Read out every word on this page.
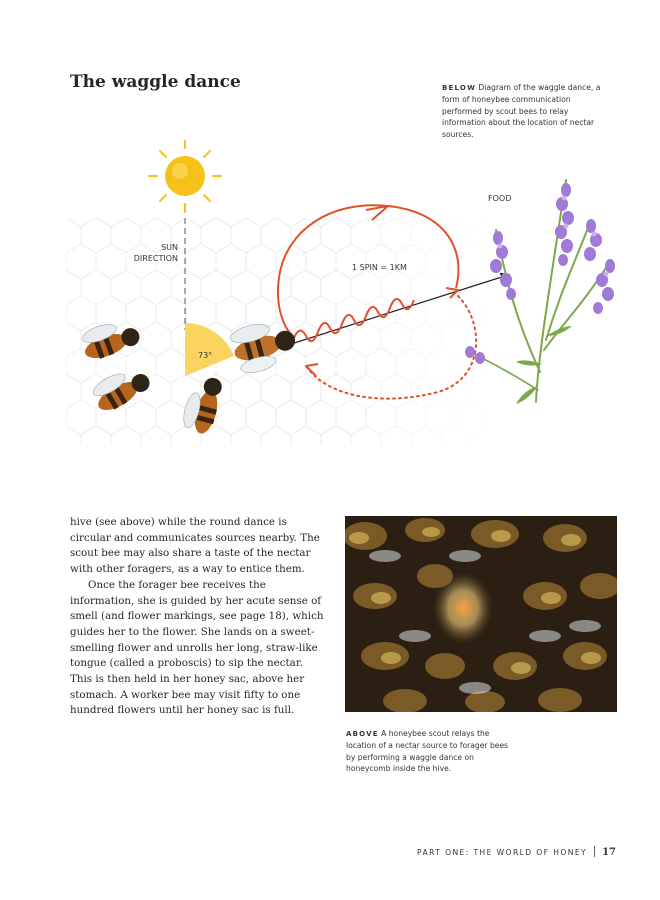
The waggle dance	BELOW Diagram of the waggle dance, a form of honeybee communication performed by scout bees to relay information about the location of nectar sources.
SUN
DIRECTION
73°
1 SPIN = 1KM
FOOD

hive (see above) while the round dance is circular and communicates sources nearby. The scout bee may also share a taste of the nectar with other foragers, as a way to entice them.

Once the forager bee receives the information, she is guided by her acute sense of smell (and flower markings, see page 18), which guides her to the flower. She lands on a sweet-smelling flower and unrolls her long, straw-like tongue (called a proboscis) to sip the nectar. This is then held in her honey sac, above her stomach. A worker bee may visit fifty to one hundred flowers until her honey sac is full.

ABOVE A honeybee scout relays the location of a nectar source to forager bees by performing a waggle dance on honeycomb inside the hive.
PART ONE: THE WORLD OF HONEY 17
